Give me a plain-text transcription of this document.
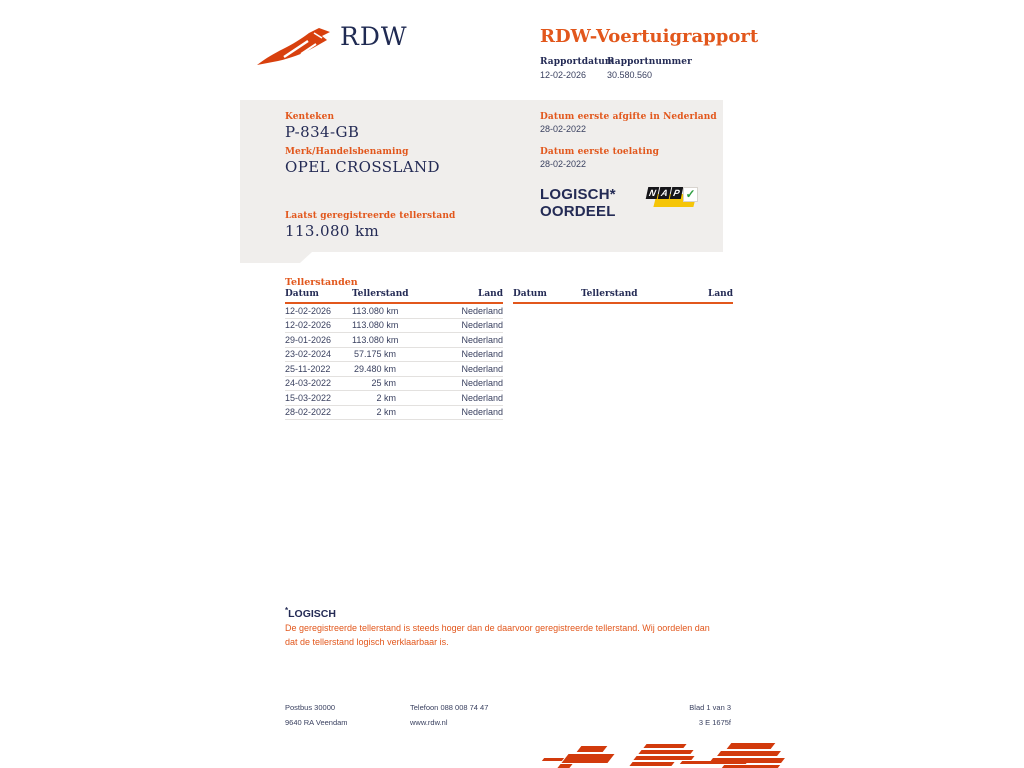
RDW	RDW-Voertuigrapport
Rapportdatum
12-02-2026
Rapportnummer
30.580.560
Kenteken
P-834-GB
Merk/Handelsbenaming
OPEL CROSSLAND
Laatst geregistreerde tellerstand
113.080 km
Datum eerste afgifte in Nederland
28-02-2022
Datum eerste toelating
28-02-2022
LOGISCH*
OORDEEL
N A P ✓
Tellerstanden
Datum	Tellerstand	Land
12-02-2026	113.080 km	Nederland
12-02-2026	113.080 km	Nederland
29-01-2026	113.080 km	Nederland
23-02-2024	57.175 km	Nederland
25-11-2022	29.480 km	Nederland
24-03-2022	25 km	Nederland
15-03-2022	2 km	Nederland
28-02-2022	2 km	Nederland
Datum	Tellerstand	Land
*LOGISCH
De geregistreerde tellerstand is steeds hoger dan de daarvoor geregistreerde tellerstand. Wij oordelen dan dat de tellerstand logisch verklaarbaar is.
Postbus 30000
9640 RA Veendam
Telefoon 088 008 74 47
www.rdw.nl
Blad 1 van 3
3 E 1675f
